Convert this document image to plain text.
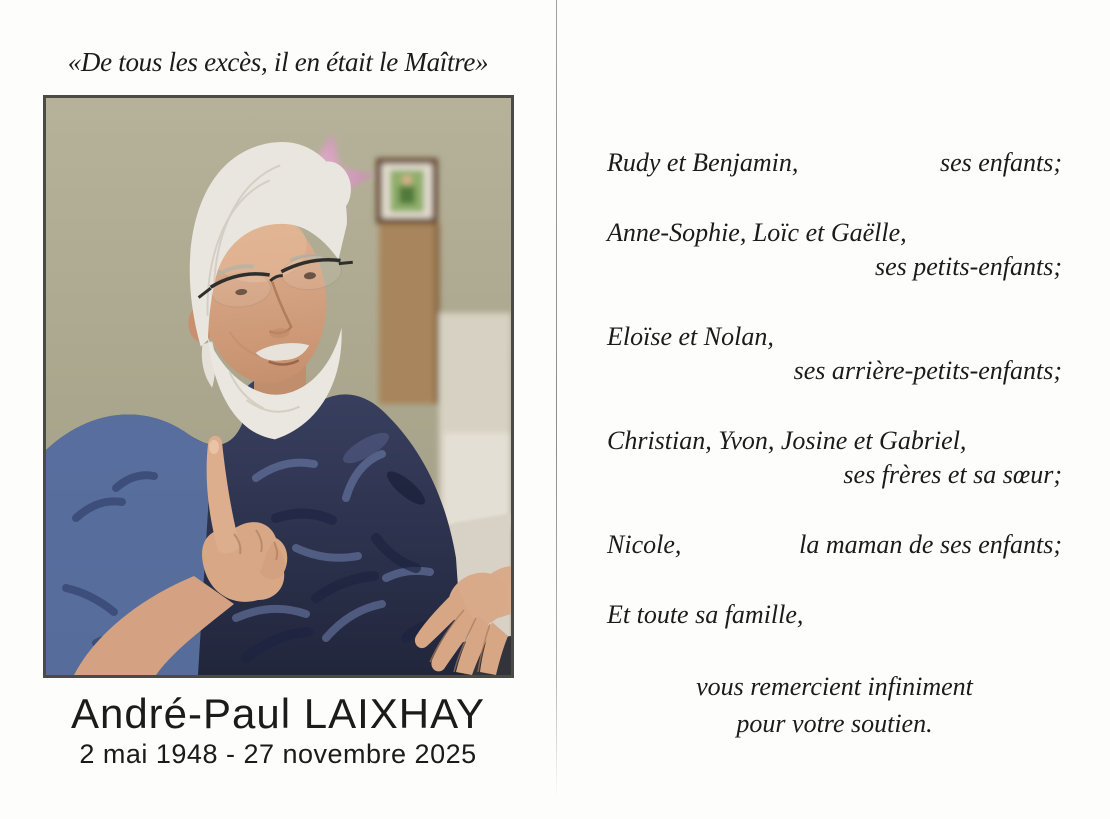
«De tous les excès, il en était le Maître»
André-Paul LAIXHAY
2 mai 1948 - 27 novembre 2025
Rudy et Benjamin,	ses enfants;
Anne-Sophie, Loïc et Gaëlle,
ses petits-enfants;
Eloïse et Nolan,
ses arrière-petits-enfants;
Christian, Yvon, Josine et Gabriel,
ses frères et sa sœur;
Nicole,	la maman de ses enfants;
Et toute sa famille,
vous remercient infiniment
pour votre soutien.
